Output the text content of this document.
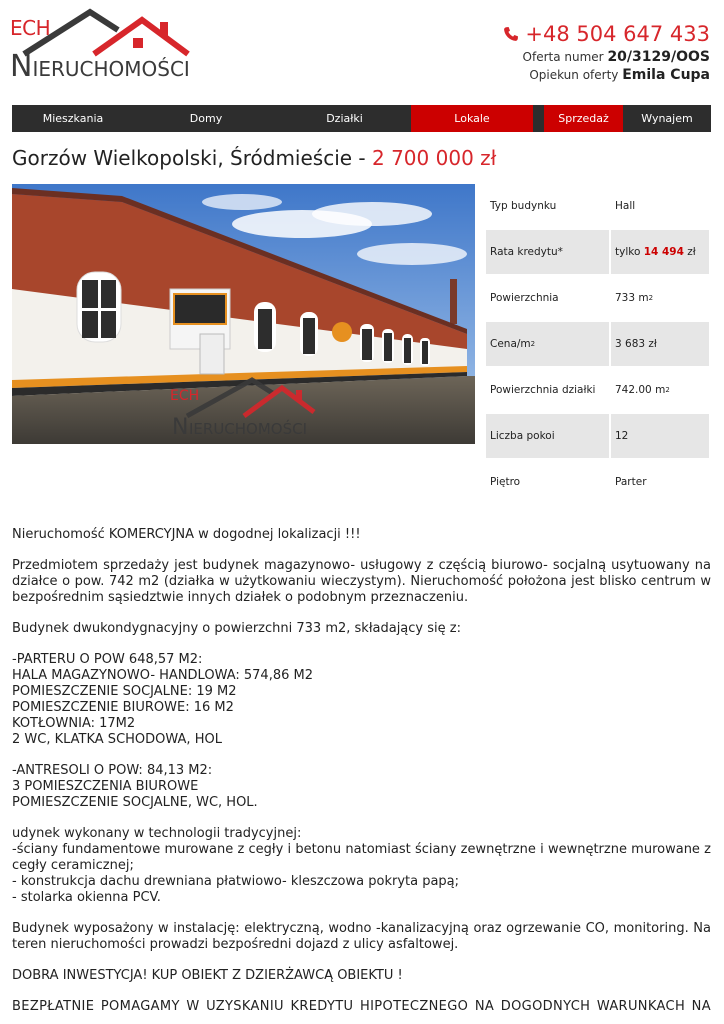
ECH
NIERUCHOMOŚCI
+48 504 647 433
Oferta numer 20/3129/OOS
Opiekun oferty Emila Cupa
Mieszkania	Domy	Działki	Lokale	Sprzedaż	Wynajem
Gorzów Wielkopolski, Śródmieście - 2 700 000 zł
ECH
N IERUCHOMOŚCI
Typ budynku	Hall
Rata kredytu*	tylko 14 494 zł
Powierzchnia	733 m 2
Cena/m 2	3 683 zł
Powierzchnia działki	742.00 m 2
Liczba pokoi	12
Piętro	Parter

Nieruchomość KOMERCYJNA w dogodnej lokalizacji !!!

Przedmiotem sprzedaży jest budynek magazynowo- usługowy z częścią biurowo- socjalną usytuowany na działce o pow. 742 m2 (działka w użytkowaniu wieczystym). Nieruchomość położona jest blisko centrum w bezpośrednim sąsiedztwie innych działek o podobnym przeznaczeniu.

Budynek dwukondygnacyjny o powierzchni 733 m2, składający się z:

-PARTERU O POW 648,57 M2:
HALA MAGAZYNOWO- HANDLOWA: 574,86 M2
POMIESZCZENIE SOCJALNE: 19 M2
POMIESZCZENIE BIUROWE: 16 M2
KOTŁOWNIA: 17M2
2 WC, KLATKA SCHODOWA, HOL

-ANTRESOLI O POW: 84,13 M2:
3 POMIESZCZENIA BIUROWE
POMIESZCZENIE SOCJALNE, WC, HOL.

udynek wykonany w technologii tradycyjnej:
-ściany fundamentowe murowane z cegły i betonu natomiast ściany zewnętrzne i wewnętrzne murowane z cegły ceramicznej;
- konstrukcja dachu drewniana płatwiowo- kleszczowa pokryta papą;
- stolarka okienna PCV.

Budynek wyposażony w instalację: elektryczną, wodno -kanalizacyjną oraz ogrzewanie CO, monitoring. Na teren nieruchomości prowadzi bezpośredni dojazd z ulicy asfaltowej.

DOBRA INWESTYCJA! KUP OBIEKT Z DZIERŻAWCĄ OBIEKTU !

BEZPŁATNIE POMAGAMY W UZYSKANIU KREDYTU HIPOTECZNEGO NA DOGODNYCH WARUNKACH NA
